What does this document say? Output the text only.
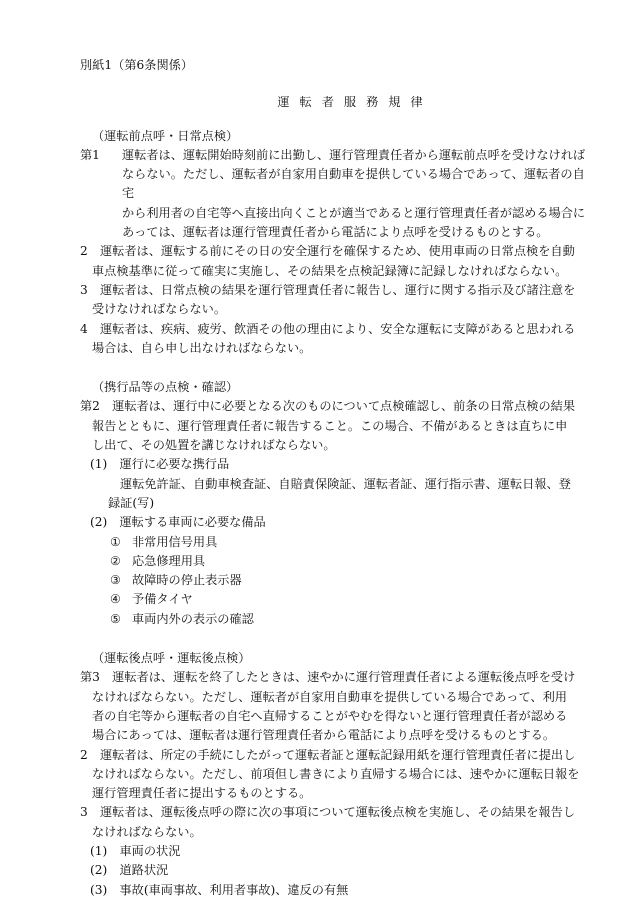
別紙1（第6条関係）
運転者服務規律
（運転前点呼・日常点検）
第1 運転者は、運転開始時刻前に出勤し、運行管理責任者から運転前点呼を受けなければ
ならない。ただし、運転者が自家用自動車を提供している場合であって、運転者の自宅
から利用者の自宅等へ直接出向くことが適当であると運行管理責任者が認める場合に
あっては、運転者は運行管理責任者から電話により点呼を受けるものとする。
2　 運転者は、運転する前にその日の安全運行を確保するため、使用車両の日常点検を自動
車点検基準に従って確実に実施し、その結果を点検記録簿に記録しなければならない。
3　 運転者は、日常点検の結果を運行管理責任者に報告し、運行に関する指示及び諸注意を
受けなければならない。
4　 運転者は、疾病、疲労、飲酒その他の理由により、安全な運転に支障があると思われる
場合は、自ら申し出なければならない。
（携行品等の点検・確認）
第2　 運転者は、運行中に必要となる次のものについて点検確認し、前条の日常点検の結果
報告とともに、運行管理責任者に報告すること。この場合、不備があるときは直ちに申
し出て、その処置を講じなければならない。
(1)　 運行に必要な携行品
運転免許証、自動車検査証、自賠責保険証、運転者証、運行指示書、運転日報、登
録証(写)
(2)　 運転する車両に必要な備品
① 非常用信号用具
② 応急修理用具
③ 故障時の停止表示器
④ 予備タイヤ
⑤ 車両内外の表示の確認
（運転後点呼・運転後点検）
第3　 運転者は、運転を終了したときは、速やかに運行管理責任者による運転後点呼を受け
なければならない。ただし、運転者が自家用自動車を提供している場合であって、利用
者の自宅等から運転者の自宅へ直帰することがやむを得ないと運行管理責任者が認める
場合にあっては、運転者は運行管理責任者から電話により点呼を受けるものとする。
2　 運転者は、所定の手続にしたがって運転者証と運転記録用紙を運行管理責任者に提出し
なければならない。ただし、前項但し書きにより直帰する場合には、速やかに運転日報を
運行管理責任者に提出するものとする。
3　 運転者は、運転後点呼の際に次の事項について運転後点検を実施し、その結果を報告し
なければならない。
(1)　 車両の状況
(2)　 道路状況
(3)　 事故(車両事故、利用者事故)、違反の有無
